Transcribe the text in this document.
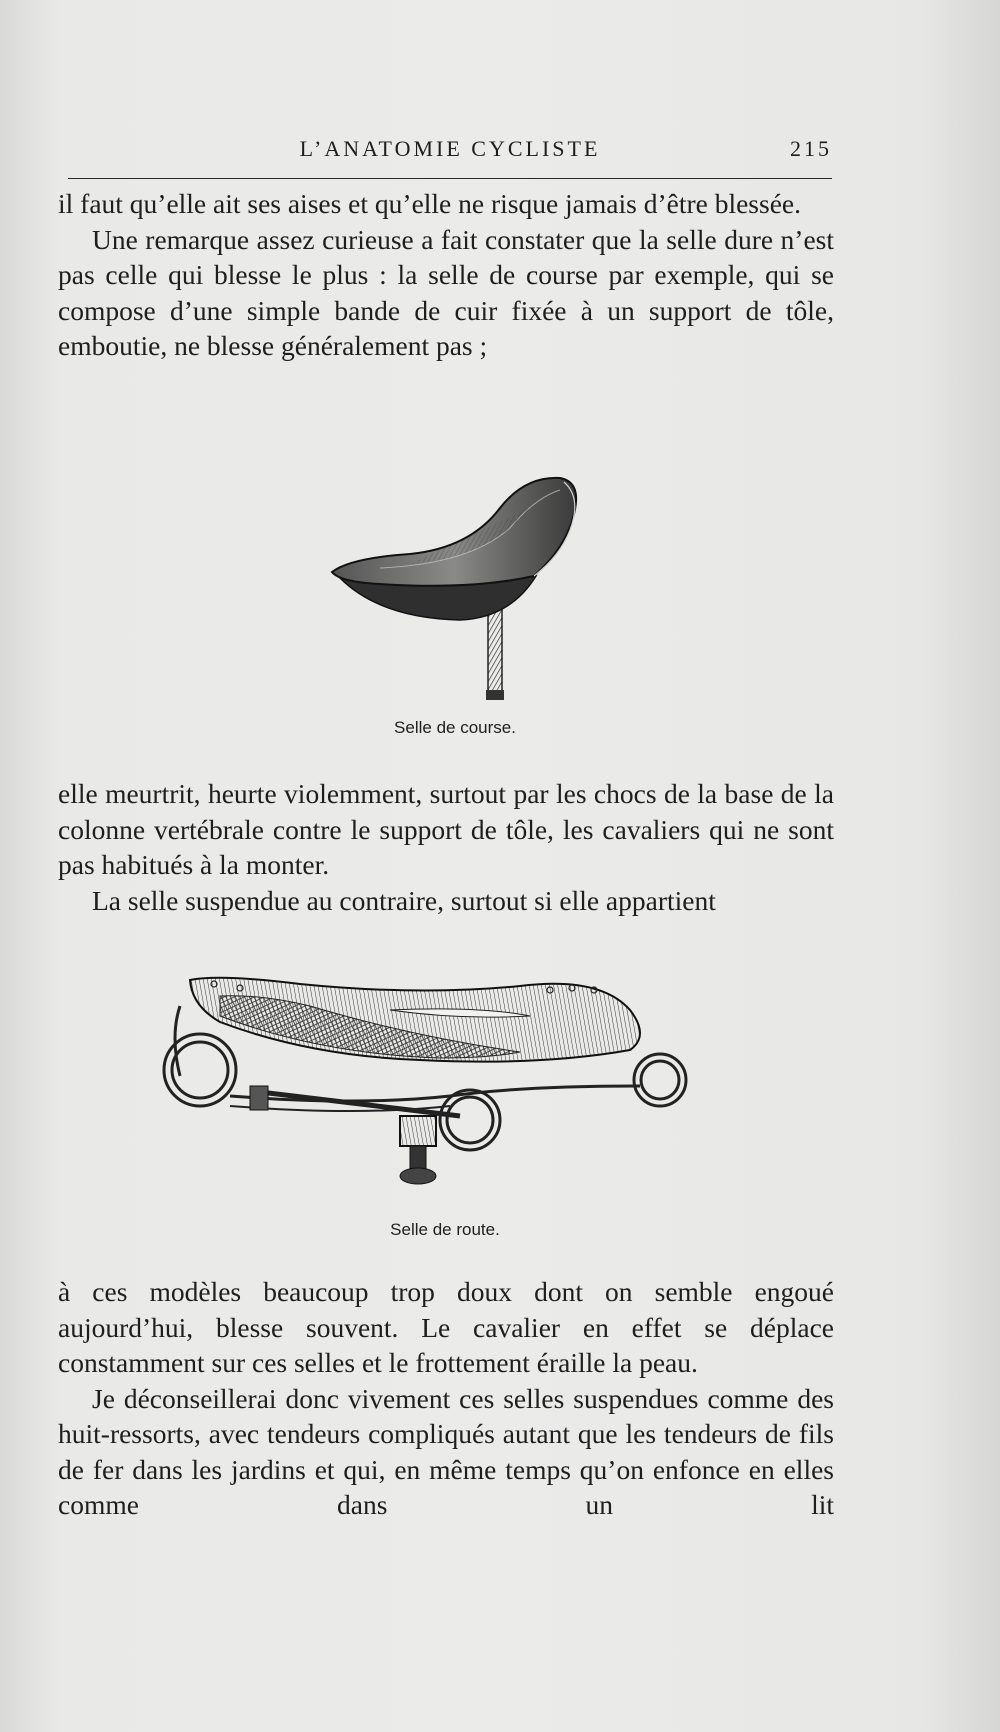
L’ANATOMIE CYCLISTE	215

il faut qu’elle ait ses aises et qu’elle ne risque jamais d’être blessée.

Une remarque assez curieuse a fait constater que la selle dure n’est pas celle qui blesse le plus : la selle de course par exemple, qui se compose d’une simple bande de cuir fixée à un support de tôle, emboutie, ne blesse généralement pas ;

Selle de course.

elle meurtrit, heurte violemment, surtout par les chocs de la base de la colonne vertébrale contre le support de tôle, les cavaliers qui ne sont pas habitués à la monter.

La selle suspendue au contraire, surtout si elle appartient

Selle de route.

à ces modèles beaucoup trop doux dont on semble engoué aujourd’hui, blesse souvent. Le cavalier en effet se déplace constamment sur ces selles et le frottement éraille la peau.

Je déconseillerai donc vivement ces selles suspendues comme des huit-ressorts, avec tendeurs compliqués autant que les tendeurs de fils de fer dans les jardins et qui, en même temps qu’on enfonce en elles comme dans un lit
